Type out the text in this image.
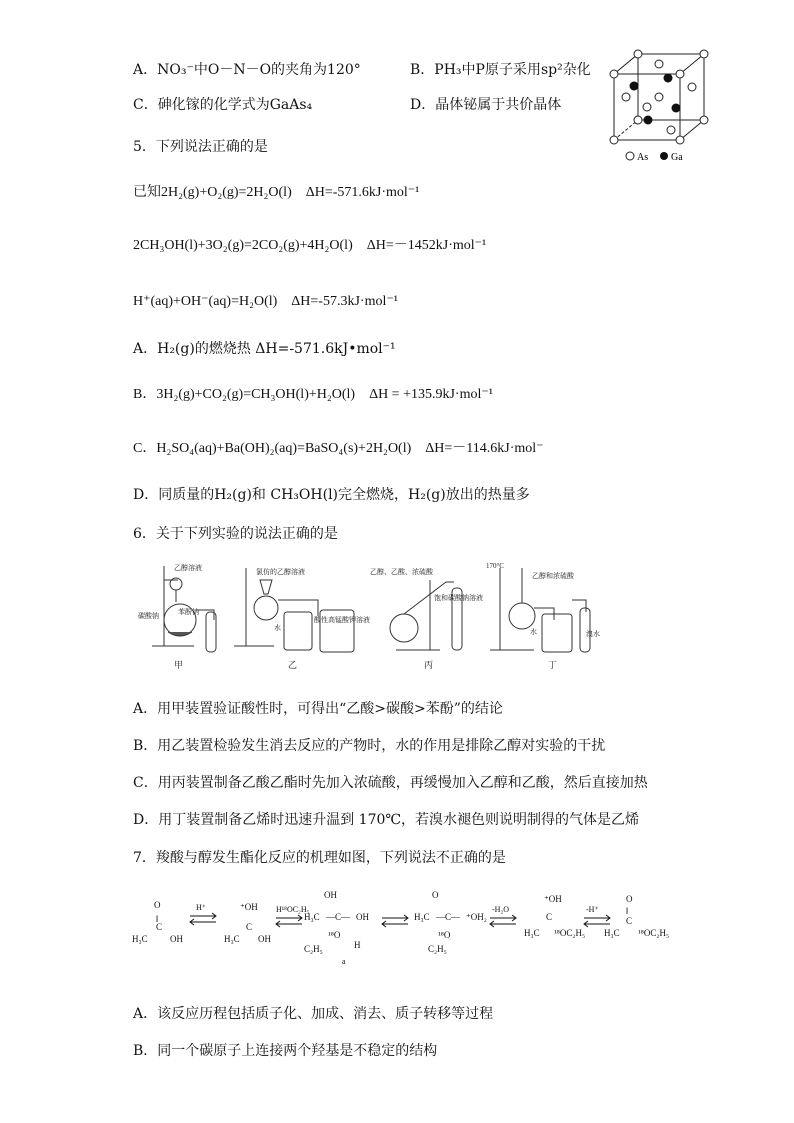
A．NO₃⁻中O－N－O的夹角为120°	B．PH₃中P原子采用sp²杂化
C．砷化镓的化学式为GaAs₄	D．晶体铋属于共价晶体
As Ga
5．下列说法正确的是
已知2H₂(g)+O₂(g)=2H₂O(l)　ΔH=-571.6kJ·mol⁻¹
2CH₃OH(l)+3O₂(g)=2CO₂(g)+4H₂O(l)　ΔH=－1452kJ·mol⁻¹
H⁺(aq)+OH⁻(aq)=H₂O(l)　ΔH=-57.3kJ·mol⁻¹
A．H₂(g)的燃烧热 ΔH=-571.6kJ•mol⁻¹
B．3H₂(g)+CO₂(g)=CH₃OH(l)+H₂O(l)　ΔH = +135.9kJ·mol⁻¹
C．H₂SO₄(aq)+Ba(OH)₂(aq)=BaSO₄(s)+2H₂O(l)　ΔH=－114.6kJ·mol⁻
D．同质量的H₂(g)和 CH₃OH(l)完全燃烧，H₂(g)放出的热量多
6．关于下列实验的说法正确的是
乙醇溶液
碳酸钠	苯酚钠
氯仿的乙醇溶液
水
酸性高锰酸钾溶液
乙醇、乙酸、浓硫酸
饱和碳酸钠溶液
170°C
乙醇和浓硫酸
水	溴水
甲	乙	丙	丁
A．用甲装置验证酸性时，可得出“乙酸>碳酸>苯酚”的结论
B．用乙装置检验发生消去反应的产物时，水的作用是排除乙醇对实验的干扰
C．用丙装置制备乙酸乙酯时先加入浓硫酸，再缓慢加入乙醇和乙酸，然后直接加热
D．用丁装置制备乙烯时迅速升温到 170℃，若溴水褪色则说明制得的气体是乙烯
7．羧酸与醇发生酯化反应的机理如图，下列说法不正确的是
O
‖
C
H₃C OH
⁺OH
C
H₃C OH
OH
H₃C —C— OH
¹⁸O
C₂H₅	H
O
H₃C —C— ⁺OH₂
¹⁸O
C₂H₅
⁺OH
C
H₃C ¹⁸OC₂H₅
O
‖
C
H₃C ¹⁸OC₂H₅
H⁺	H¹⁸OC₂H₅	-H₂O	-H⁺
a
A．该反应历程包括质子化、加成、消去、质子转移等过程
B．同一个碳原子上连接两个羟基是不稳定的结构
